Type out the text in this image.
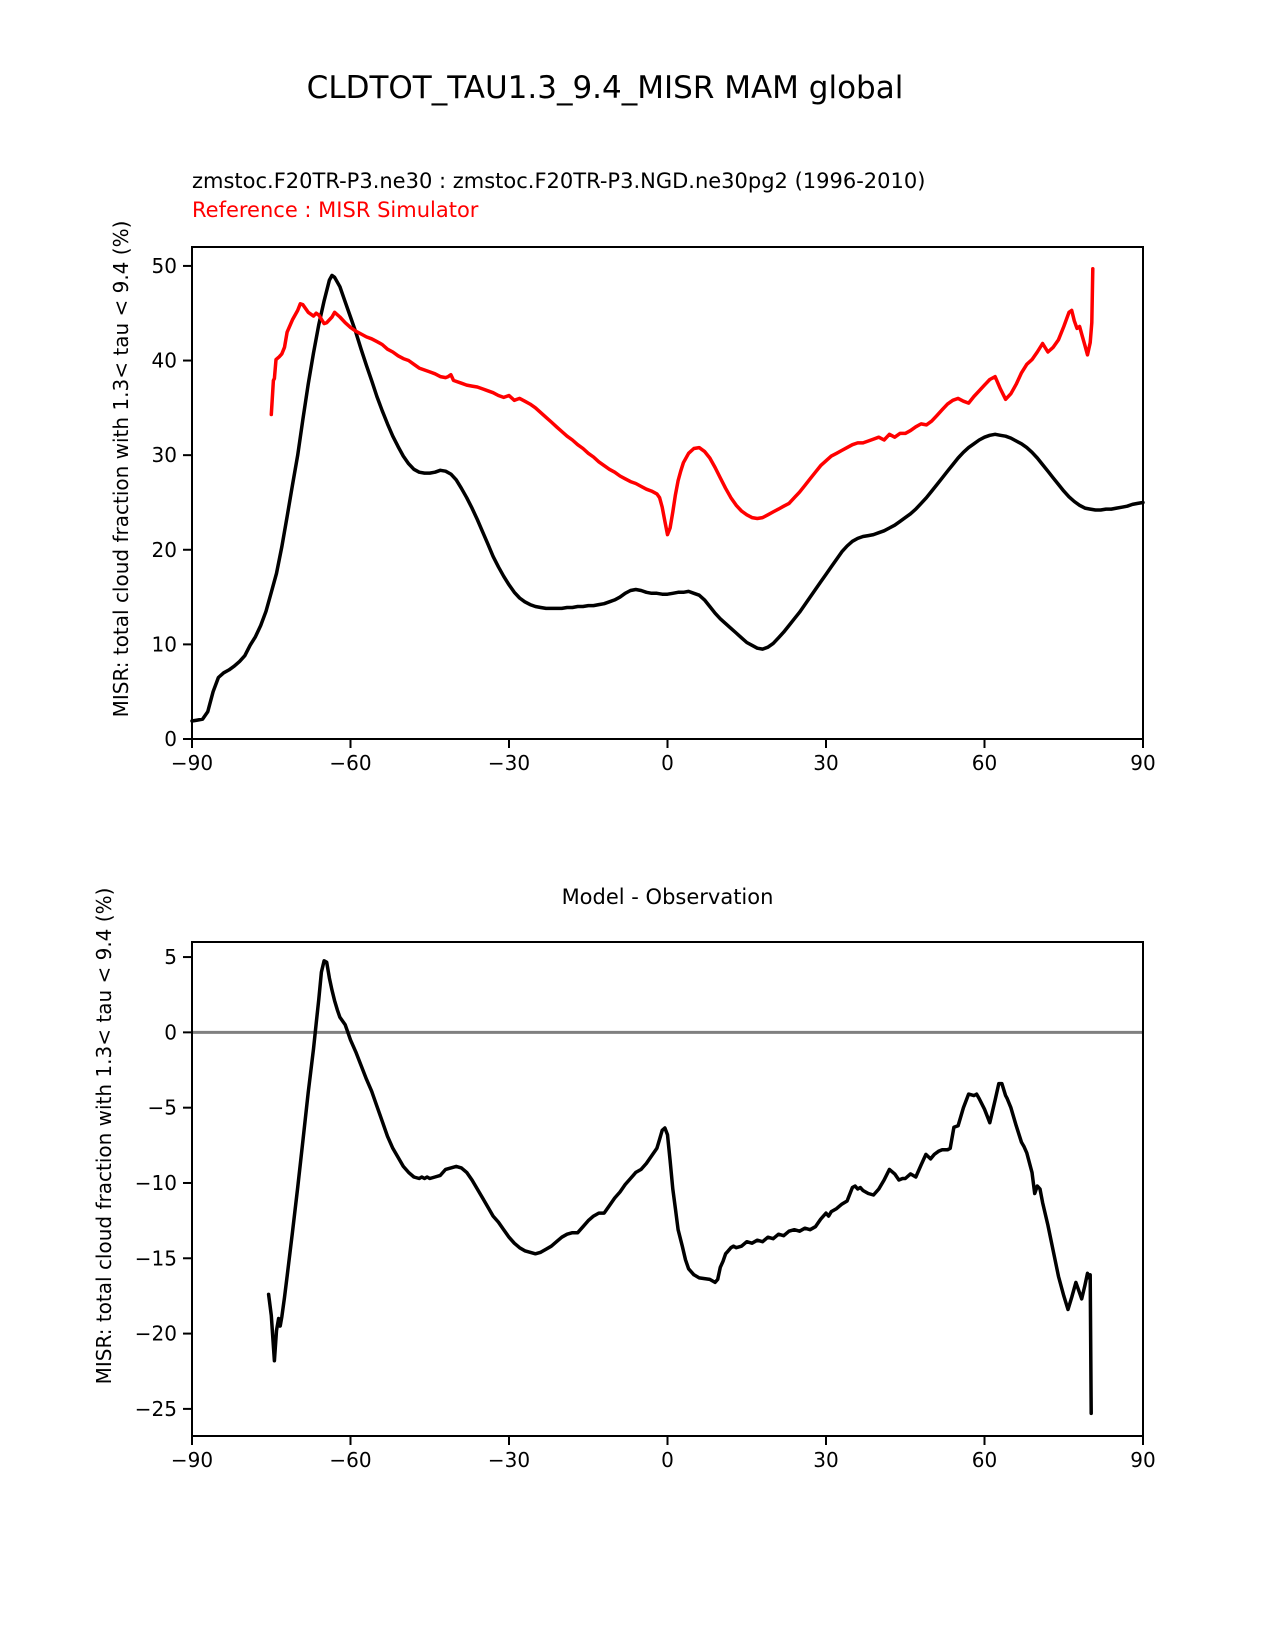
−90	−60	−30	0	30	60	90
0
10
20
30
40
50
−90	−60	−30	0	30	60	90
5
0
−5
−10
−15
−20
−25
CLDTOT_TAU1.3_9.4_MISR MAM global
zmstoc.F20TR-P3.ne30 : zmstoc.F20TR-P3.NGD.ne30pg2 (1996-2010)
Reference : MISR Simulator
MISR: total cloud fraction with 1.3< tau < 9.4 (%)
Model - Observation
MISR: total cloud fraction with 1.3< tau < 9.4 (%)
